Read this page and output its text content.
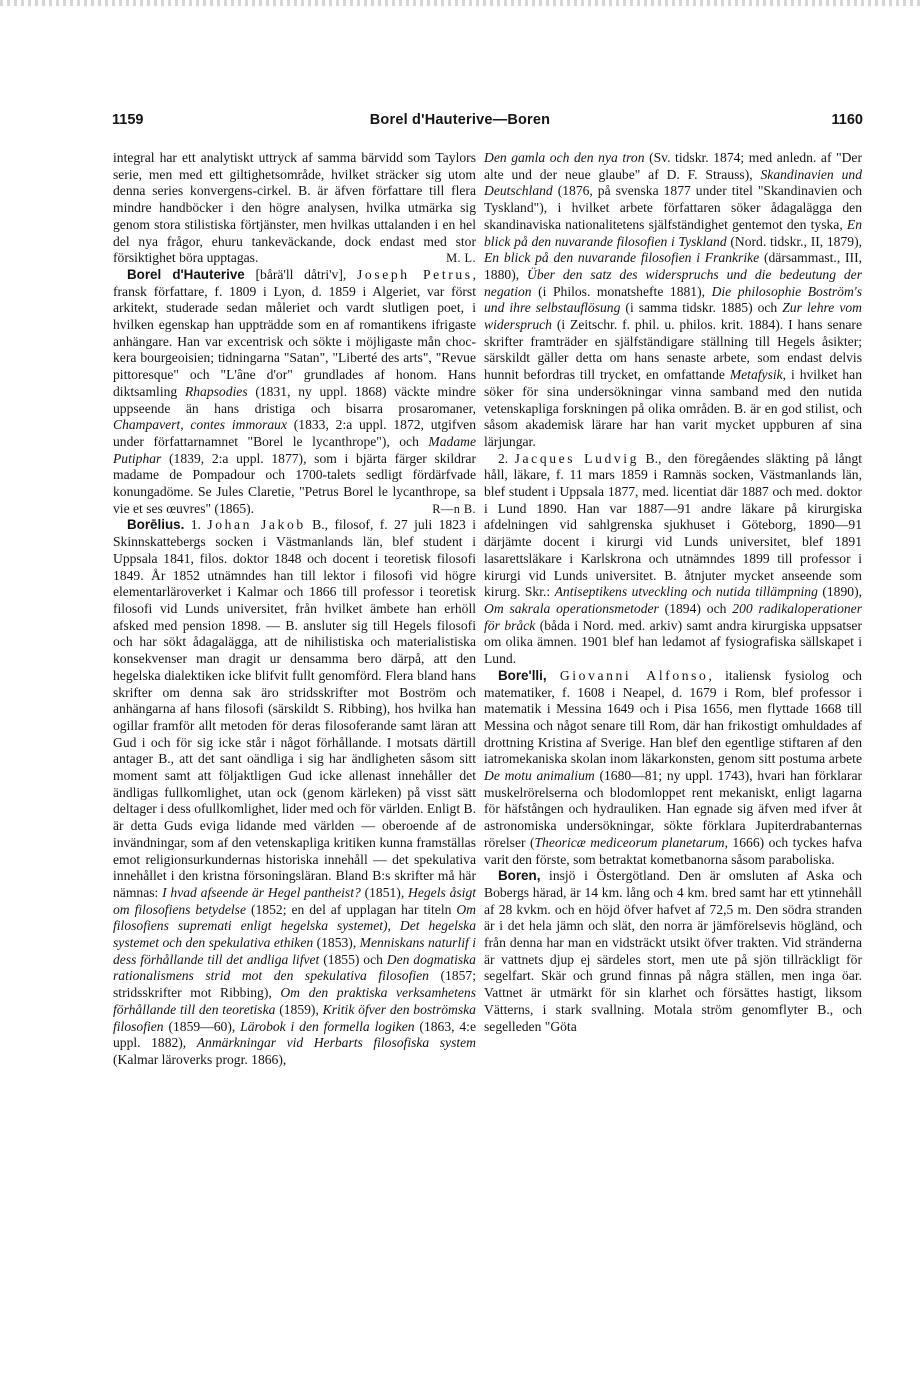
1159	Borel d'Hauterive—Boren	1160

integral har ett analytiskt uttryck af samma bärvidd som Taylors serie, men med ett giltighetsområde, hvilket sträcker sig utom denna series konvergens-cirkel. B. är äfven författare till flera mindre handböcker i den högre analysen, hvilka utmärka sig genom stora stilistiska förtjänster, men hvilkas uttalanden i en hel del nya frågor, ehuru tankeväckande, dock endast med stor försiktighet böra upptagas.	M. L.

Borel d'Hauterive [bårä'll dåtri'v], Joseph Petrus, fransk författare, f. 1809 i Lyon, d. 1859 i Algeriet, var först arkitekt, studerade sedan måleriet och vardt slutligen poet, i hvilken egenskap han uppträdde som en af romantikens ifrigaste anhängare. Han var excentrisk och sökte i möjligaste mån choc-kera bourgeoisien; tidningarna "Satan", "Liberté des arts", "Revue pittoresque" och "L'âne d'or" grundlades af honom. Hans diktsamling Rhapsodies (1831, ny uppl. 1868) väckte mindre uppseende än hans dristiga och bisarra prosaromaner, Champavert, contes immoraux (1833, 2:a uppl. 1872, utgifven under författarnamnet "Borel le lycanthrope"), och Madame Putiphar (1839, 2:a uppl. 1877), som i bjärta färger skildrar madame de Pompadour och 1700-talets sedligt fördärfvade konungadöme. Se Jules Claretie, "Petrus Borel le lycanthrope, sa vie et ses œuvres" (1865).	R—n B.

Borēlius. 1. Johan Jakob B., filosof, f. 27 juli 1823 i Skinnskattebergs socken i Västmanlands län, blef student i Uppsala 1841, filos. doktor 1848 och docent i teoretisk filosofi 1849. År 1852 utnämndes han till lektor i filosofi vid högre elementarläroverket i Kalmar och 1866 till professor i teoretisk filosofi vid Lunds universitet, från hvilket ämbete han erhöll afsked med pension 1898. — B. ansluter sig till Hegels filosofi och har sökt ådagalägga, att de nihilistiska och materialistiska konsekvenser man dragit ur densamma bero därpå, att den hegelska dialektiken icke blifvit fullt genomförd. Flera bland hans skrifter om denna sak äro stridsskrifter mot Boström och anhängarna af hans filosofi (särskildt S. Ribbing), hos hvilka han ogillar framför allt metoden för deras filosoferande samt läran att Gud i och för sig icke står i något förhållande. I motsats därtill antager B., att det sant oändliga i sig har ändligheten såsom sitt moment samt att följaktligen Gud icke allenast innehåller det ändligas fullkomlighet, utan ock (genom kärleken) på visst sätt deltager i dess ofullkomlighet, lider med och för världen. Enligt B. är detta Guds eviga lidande med världen — oberoende af de invändningar, som af den vetenskapliga kritiken kunna framställas emot religionsurkundernas historiska innehåll — det spekulativa innehållet i den kristna försoningsläran. Bland B:s skrifter må här nämnas: I hvad afseende är Hegel pantheist? (1851), Hegels åsigt om filosofiens betydelse (1852; en del af upplagan har titeln Om filosofiens supremati enligt hegelska systemet), Det hegelska systemet och den spekulativa ethiken (1853), Menniskans naturlif i dess förhållande till det andliga lifvet (1855) och Den dogmatiska rationalismens strid mot den spekulativa filosofien (1857; stridsskrifter mot Ribbing), Om den praktiska verksamhetens förhållande till den teoretiska (1859), Kritik öfver den boströmska filosofien (1859—60), Lärobok i den formella logiken (1863, 4:e uppl. 1882), Anmärkningar vid Herbarts filosofiska system (Kalmar läroverks progr. 1866),

Den gamla och den nya tron (Sv. tidskr. 1874; med anledn. af "Der alte und der neue glaube" af D. F. Strauss), Skandinavien und Deutschland (1876, på svenska 1877 under titel "Skandinavien och Tyskland"), i hvilket arbete författaren söker ådagalägga den skandinaviska nationalitetens själfständighet gentemot den tyska, En blick på den nuvarande filosofien i Tyskland (Nord. tidskr., II, 1879), En blick på den nuvarande filosofien i Frankrike (därsammast., III, 1880), Über den satz des widerspruchs und die bedeutung der negation (i Philos. monatshefte 1881), Die philosophie Boström's und ihre selbstauflösung (i samma tidskr. 1885) och Zur lehre vom widerspruch (i Zeitschr. f. phil. u. philos. krit. 1884). I hans senare skrifter framträder en själfständigare ställning till Hegels åsikter; särskildt gäller detta om hans senaste arbete, som endast delvis hunnit befordras till trycket, en omfattande Metafysik, i hvilket han söker för sina undersökningar vinna samband med den nutida vetenskapliga forskningen på olika områden. B. är en god stilist, och såsom akademisk lärare har han varit mycket uppburen af sina lärjungar.

2. Jacques Ludvig B., den föregåendes släkting på långt håll, läkare, f. 11 mars 1859 i Ramnäs socken, Västmanlands län, blef student i Uppsala 1877, med. licentiat där 1887 och med. doktor i Lund 1890. Han var 1887—91 andre läkare på kirurgiska afdelningen vid sahlgrenska sjukhuset i Göteborg, 1890—91 därjämte docent i kirurgi vid Lunds universitet, blef 1891 lasarettsläkare i Karlskrona och utnämndes 1899 till professor i kirurgi vid Lunds universitet. B. åtnjuter mycket anseende som kirurg. Skr.: Antiseptikens utveckling och nutida tillämpning (1890), Om sakrala operationsmetoder (1894) och 200 radikaloperationer för bråck (båda i Nord. med. arkiv) samt andra kirurgiska uppsatser om olika ämnen. 1901 blef han ledamot af fysiografiska sällskapet i Lund.

Bore'lli, Giovanni Alfonso, italiensk fysiolog och matematiker, f. 1608 i Neapel, d. 1679 i Rom, blef professor i matematik i Messina 1649 och i Pisa 1656, men flyttade 1668 till Messina och något senare till Rom, där han frikostigt omhuldades af drottning Kristina af Sverige. Han blef den egentlige stiftaren af den iatromekaniska skolan inom läkarkonsten, genom sitt postuma arbete De motu animalium (1680—81; ny uppl. 1743), hvari han förklarar muskelrörelserna och blodomloppet rent mekaniskt, enligt lagarna för häfstången och hydrauliken. Han egnade sig äfven med ifver åt astronomiska undersökningar, sökte förklara Jupiterdrabanternas rörelser (Theoricæ mediceorum planetarum, 1666) och tyckes hafva varit den förste, som betraktat kometbanorna såsom paraboliska.

Boren, insjö i Östergötland. Den är omsluten af Aska och Bobergs härad, är 14 km. lång och 4 km. bred samt har ett ytinnehåll af 28 kvkm. och en höjd öfver hafvet af 72,5 m. Den södra stranden är i det hela jämn och slät, den norra är jämförelsevis högländ, och från denna har man en vidsträckt utsikt öfver trakten. Vid stränderna är vattnets djup ej särdeles stort, men ute på sjön tillräckligt för segelfart. Skär och grund finnas på några ställen, men inga öar. Vattnet är utmärkt för sin klarhet och försättes hastigt, liksom Vätterns, i stark svallning. Motala ström genomflyter B., och segelleden "Göta
